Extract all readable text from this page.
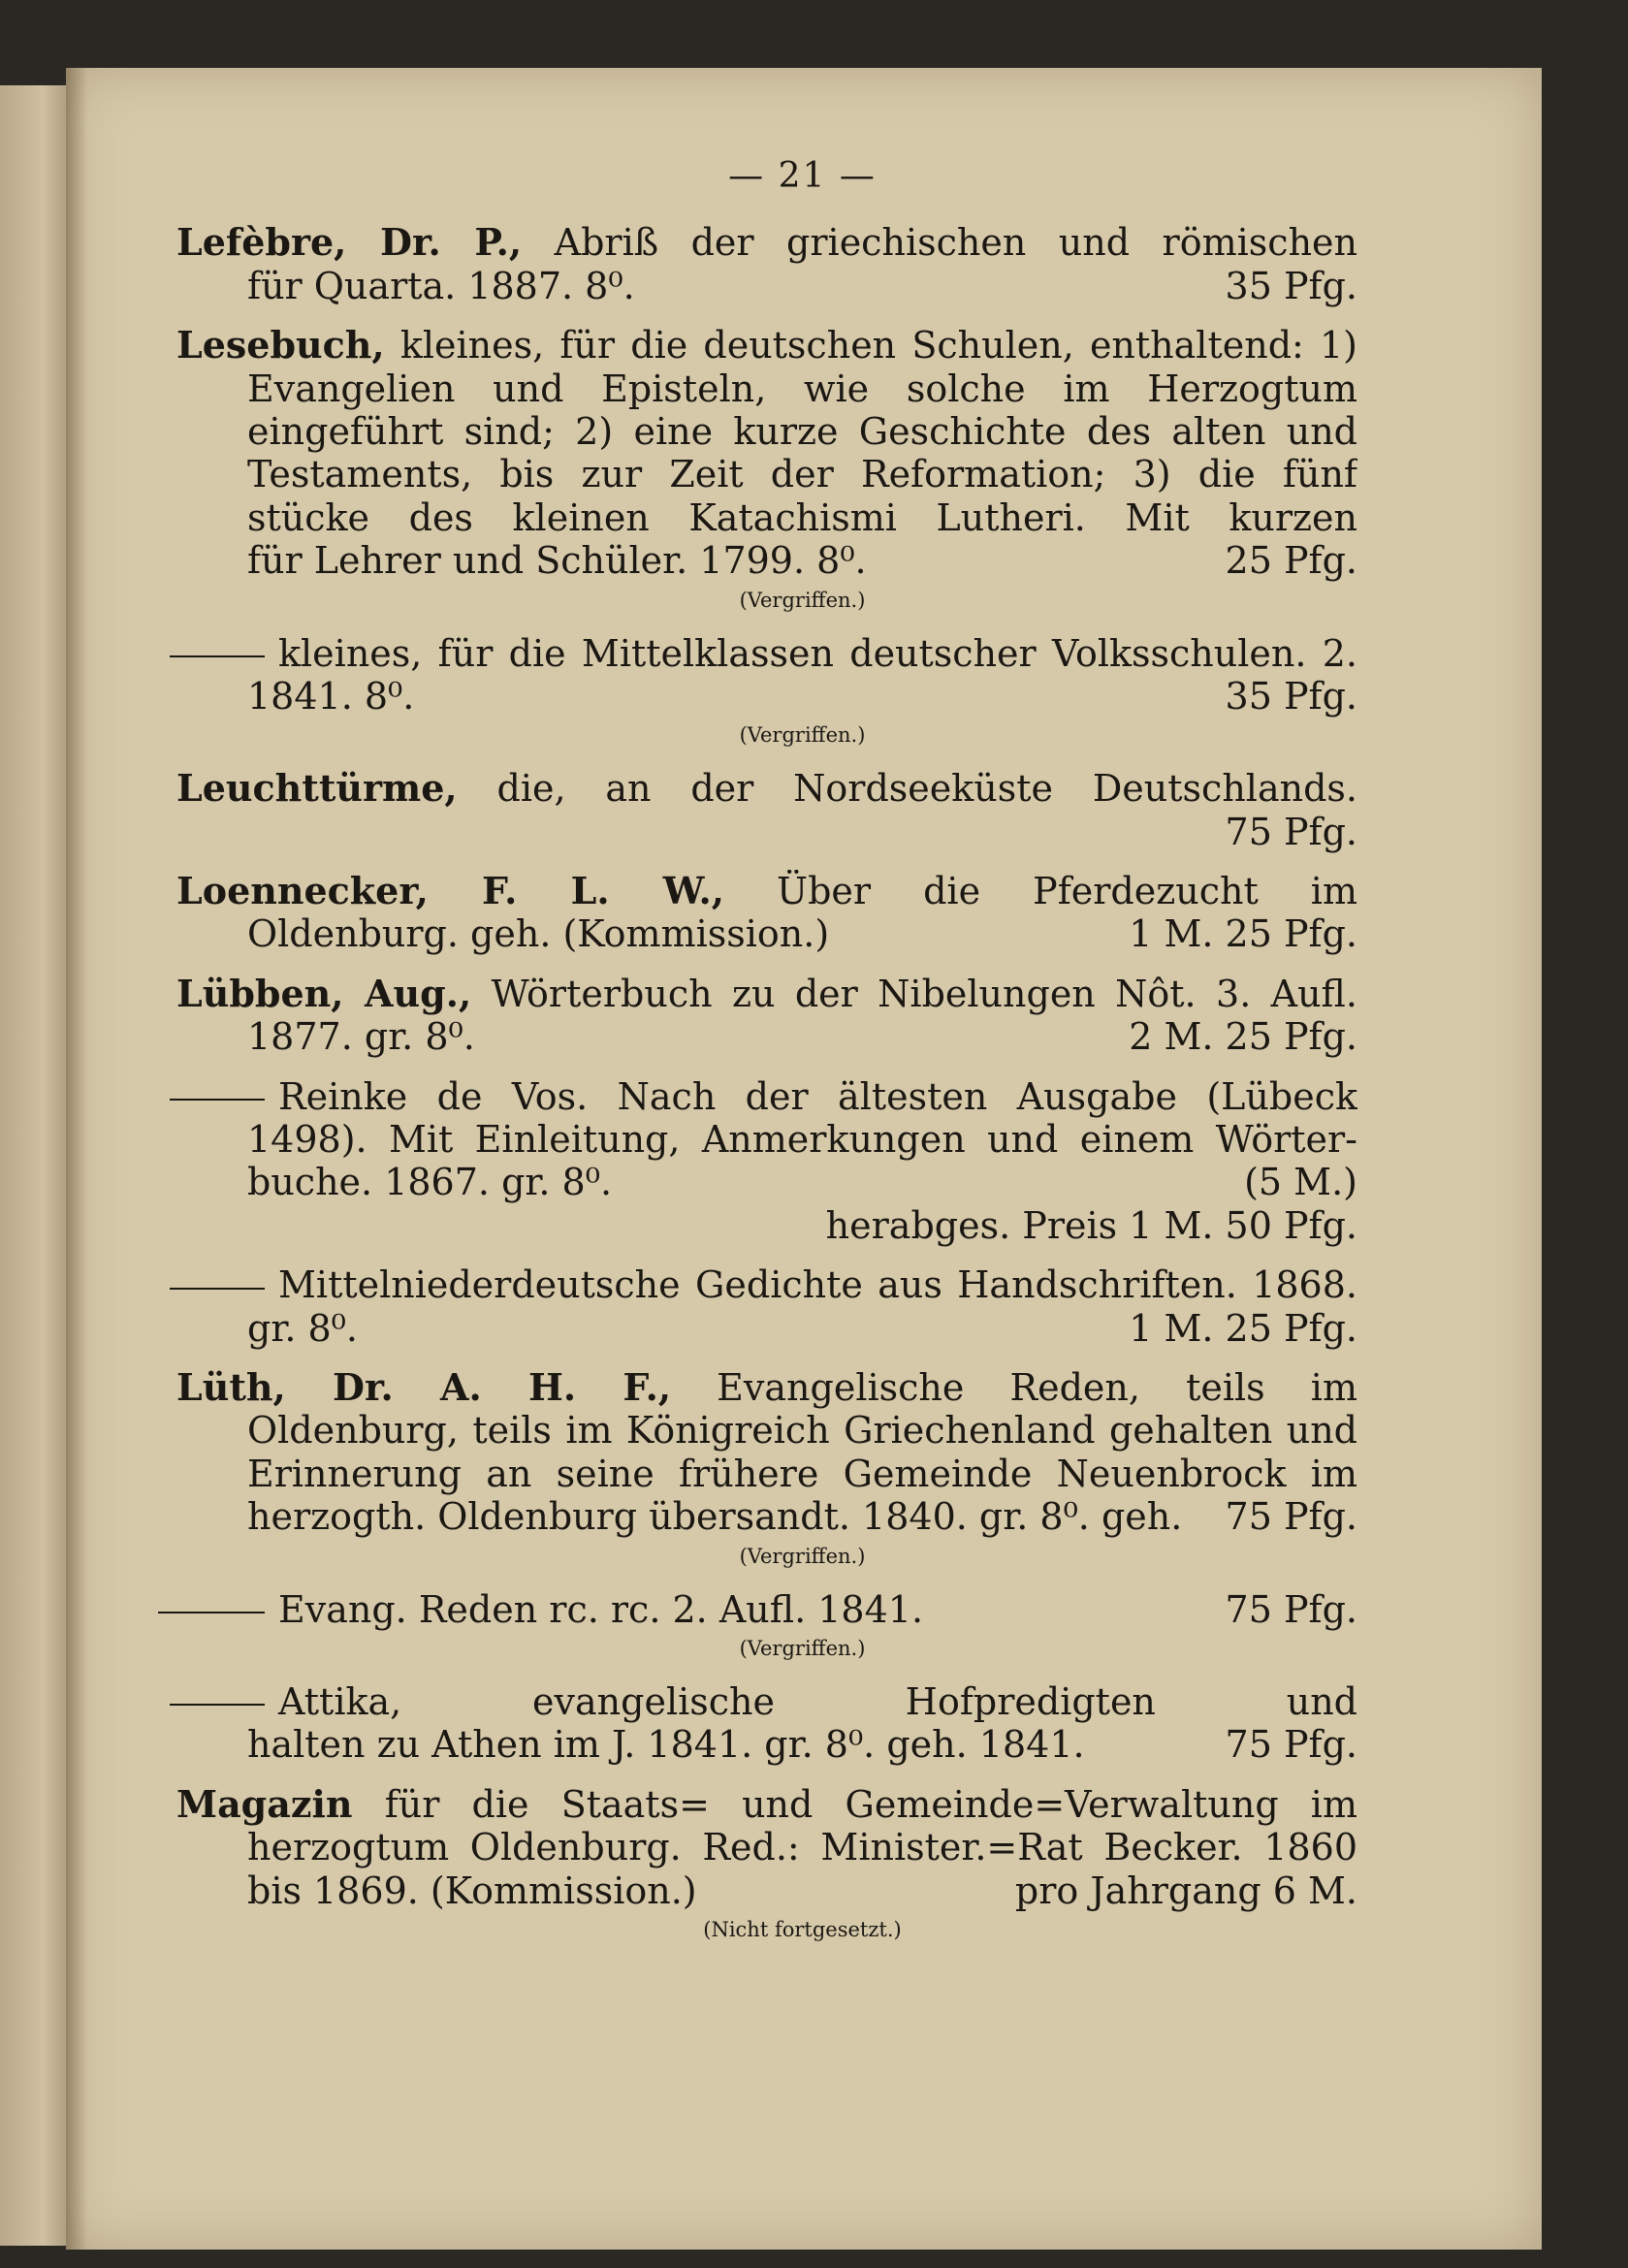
— 21 —
Lefèbre, Dr. P., Abriß der griechischen und römischen
für Quarta. 1887. 8⁰.	35 Pfg.
Lesebuch, kleines, für die deutschen Schulen, enthaltend: 1)
Evangelien und Episteln, wie solche im Herzogtum
eingeführt sind; 2) eine kurze Geschichte des alten und
Testaments, bis zur Zeit der Reformation; 3) die fünf
stücke des kleinen Katachismi Lutheri. Mit kurzen
für Lehrer und Schüler. 1799. 8⁰.	25 Pfg.
(Vergriffen.)
kleines, für die Mittelklassen deutscher Volksschulen. 2.
1841. 8⁰.	35 Pfg.
(Vergriffen.)
Leuchttürme, die, an der Nordseeküste Deutschlands.
75 Pfg.
Loennecker, F. L. W., Über die Pferdezucht im
Oldenburg. geh. (Kommission.)	1 M. 25 Pfg.
Lübben, Aug., Wörterbuch zu der Nibelungen Nôt. 3. Aufl.
1877. gr. 8⁰.	2 M. 25 Pfg.
Reinke de Vos. Nach der ältesten Ausgabe (Lübeck
1498). Mit Einleitung, Anmerkungen und einem Wörter-
buche. 1867. gr. 8⁰.	(5 M.)
herabges. Preis 1 M. 50 Pfg.
Mittelniederdeutsche Gedichte aus Handschriften. 1868.
gr. 8⁰.	1 M. 25 Pfg.
Lüth, Dr. A. H. F., Evangelische Reden, teils im
Oldenburg, teils im Königreich Griechenland gehalten und
Erinnerung an seine frühere Gemeinde Neuenbrock im
herzogth. Oldenburg übersandt. 1840. gr. 8⁰. geh. 75 Pfg.
(Vergriffen.)
Evang. Reden rc. rc. 2. Aufl. 1841.	75 Pfg.
(Vergriffen.)
Attika, evangelische Hofpredigten und
halten zu Athen im J. 1841. gr. 8⁰. geh. 1841.	75 Pfg.
Magazin für die Staats= und Gemeinde=Verwaltung im
herzogtum Oldenburg. Red.: Minister.=Rat Becker. 1860
bis 1869. (Kommission.)	pro Jahrgang 6 M.
(Nicht fortgesetzt.)
